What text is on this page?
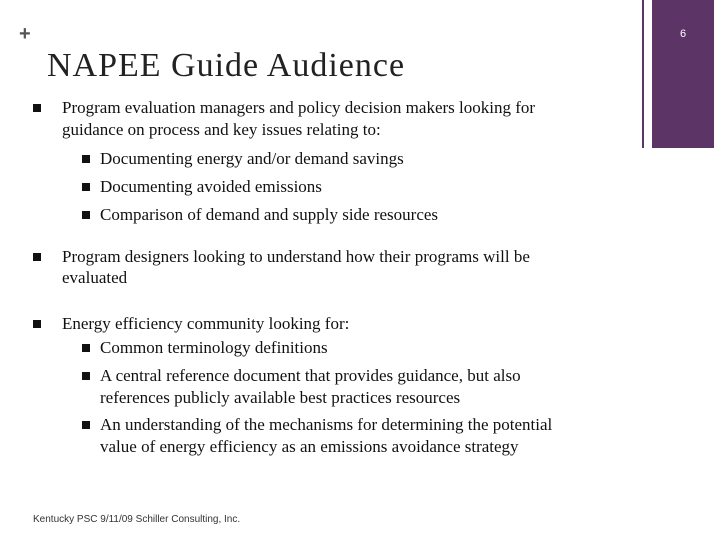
+
NAPEE Guide Audience
6
Program evaluation managers and policy decision makers looking for
guidance on process and key issues relating to:
Documenting energy and/or demand savings
Documenting avoided emissions
Comparison of demand and supply side resources
Program designers looking to understand how their programs will be
evaluated
Energy efficiency community looking for:
Common terminology definitions
A central reference document that provides guidance, but also
references publicly available best practices resources
An understanding of the mechanisms for determining the potential
value of energy efficiency as an emissions avoidance strategy
Kentucky PSC 9/11/09 Schiller Consulting, Inc.
